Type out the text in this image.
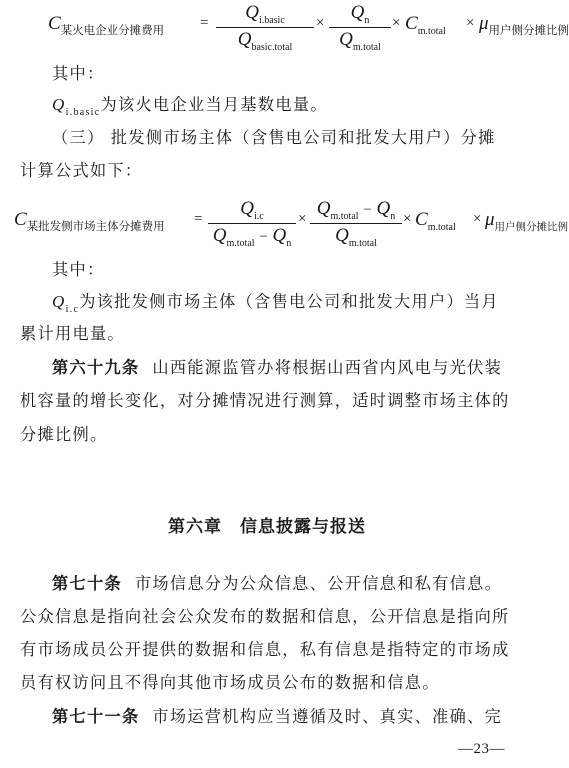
$C_{某火电企业分摊费用}$ =	$Q_{i.basic}$
$Q_{basic.total}$
×	$Q_n$
$Q_{m.total}$
× $C_{m.total}$
× $\mu_{用户侧分摊比例}$
其中：
$Q_{i.basic}$为该火电企业当月基数电量。
（三） 批发侧市场主体（含售电公司和批发大用户）分摊
计算公式如下：
$C_{某批发侧市场主体分摊费用}$ =	$Q_{i.c}$
$Q_{m.total} - Q_n$
× $Q_{m.total} - Q_n$
$Q_{m.total}$
× $C_{m.total}$
× $\mu_{用户侧分摊比例}$
其中：
$Q_{i.c}$为该批发侧市场主体（含售电公司和批发大用户）当月
累计用电量。
第六十九条 山西能源监管办将根据山西省内风电与光伏装
机容量的增长变化，对分摊情况进行测算，适时调整市场主体的
分摊比例。
第六章　信息披露与报送
第七十条 市场信息分为公众信息、公开信息和私有信息。
公众信息是指向社会公众发布的数据和信息，公开信息是指向所
有市场成员公开提供的数据和信息，私有信息是指特定的市场成
员有权访问且不得向其他市场成员公布的数据和信息。
第七十一条 市场运营机构应当遵循及时、真实、准确、完
—23—
